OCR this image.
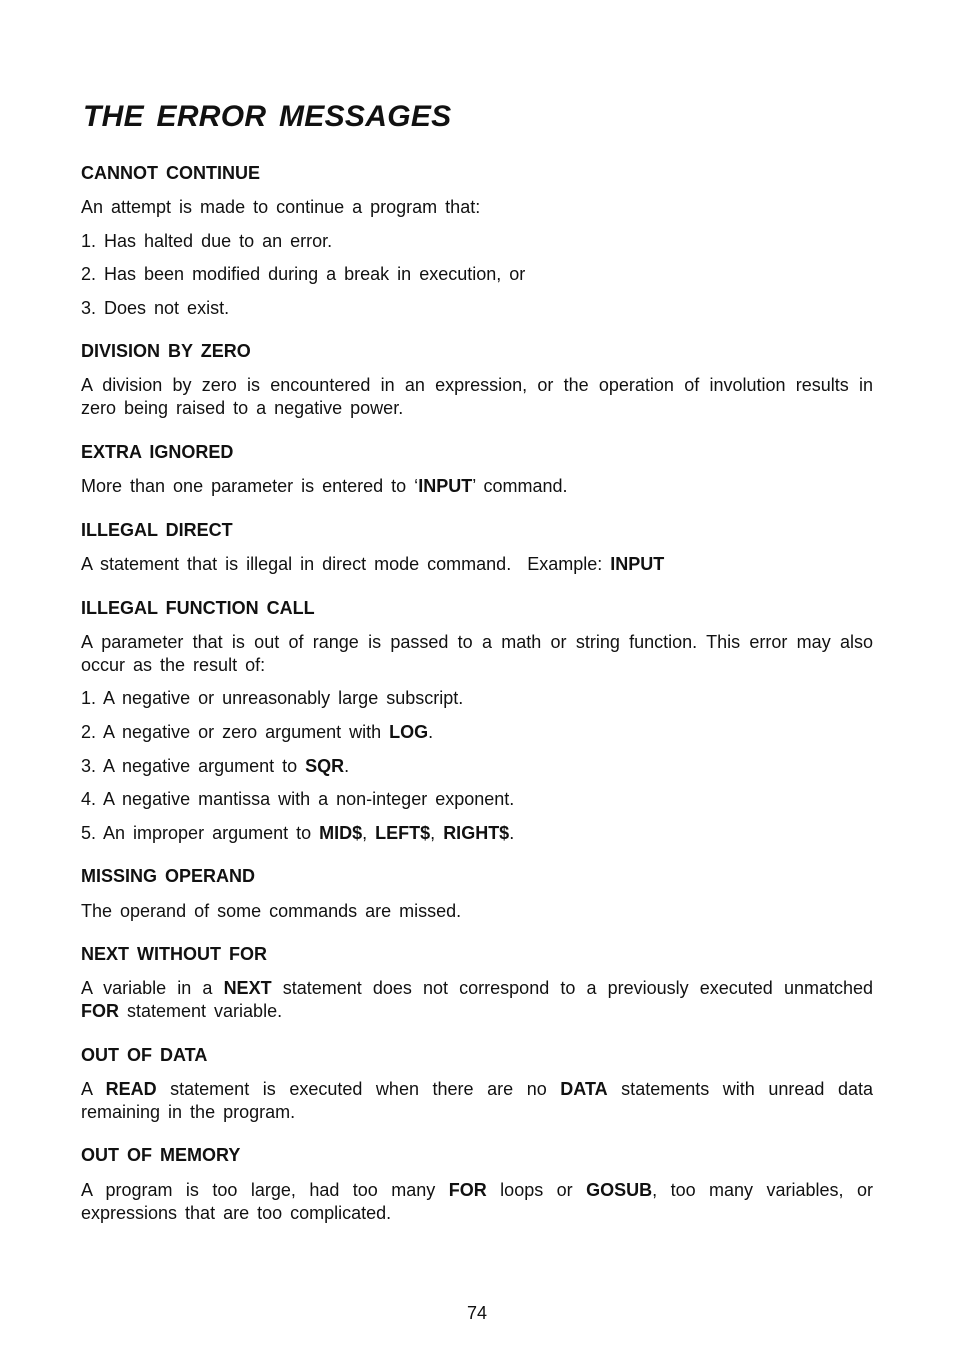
THE ERROR MESSAGES
CANNOT CONTINUE

An attempt is made to continue a program that:

1. Has halted due to an error.

2. Has been modified during a break in execution, or

3. Does not exist.

DIVISION BY ZERO

A division by zero is encountered in an expression, or the operation of involution results in zero being raised to a negative power.

EXTRA IGNORED

More than one parameter is entered to ‘INPUT’ command.

ILLEGAL DIRECT

A statement that is illegal in direct mode command.  Example: INPUT

ILLEGAL FUNCTION CALL

A parameter that is out of range is passed to a math or string function. This error may also occur as the result of:

1. A negative or unreasonably large subscript.

2. A negative or zero argument with LOG.

3. A negative argument to SQR.

4. A negative mantissa with a non-integer exponent.

5. An improper argument to MID$, LEFT$, RIGHT$.

MISSING OPERAND

The operand of some commands are missed.

NEXT WITHOUT FOR

A variable in a NEXT statement does not correspond to a previously executed unmatched FOR statement variable.

OUT OF DATA

A READ statement is executed when there are no DATA statements with unread data remaining in the program.

OUT OF MEMORY

A program is too large, had too many FOR loops or GOSUB, too many variables, or expressions that are too complicated.

74
